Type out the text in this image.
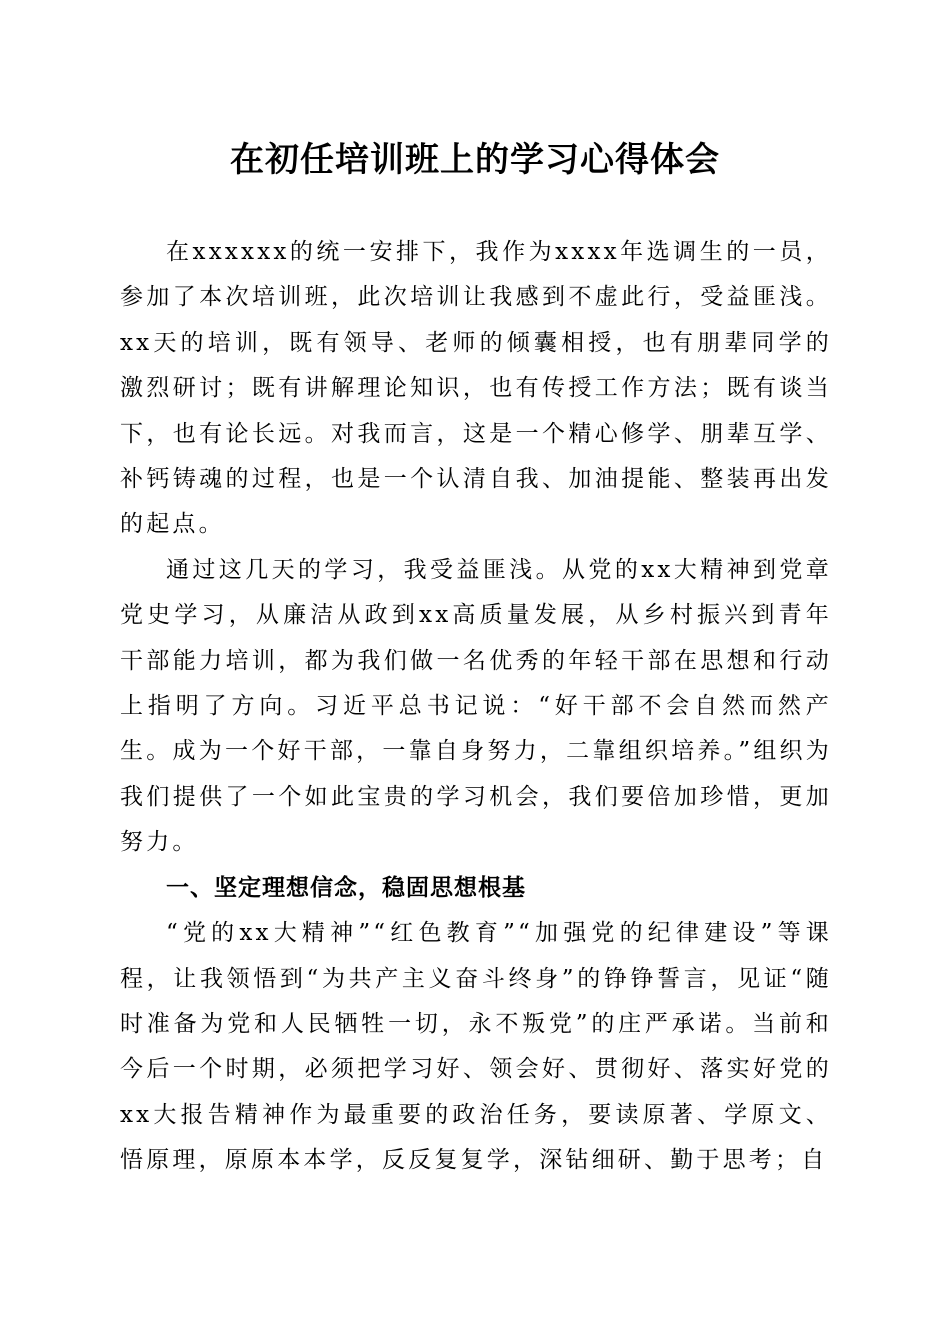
在初任培训班上的学习心得体会

在xxxxxx的统一安排下，我作为xxxx年选调生的一员，参加了本次培训班，此次培训让我感到不虚此行，受益匪浅。xx天的培训，既有领导、老师的倾囊相授，也有朋辈同学的激烈研讨；既有讲解理论知识，也有传授工作方法；既有谈当下，也有论长远。对我而言，这是一个精心修学、朋辈互学、补钙铸魂的过程，也是一个认清自我、加油提能、整装再出发的起点。

通过这几天的学习，我受益匪浅。从党的xx大精神到党章党史学习，从廉洁从政到xx高质量发展，从乡村振兴到青年干部能力培训，都为我们做一名优秀的年轻干部在思想和行动上指明了方向。习近平总书记说：“好干部不会自然而然产生。成为一个好干部，一靠自身努力，二靠组织培养。”组织为我们提供了一个如此宝贵的学习机会，我们要倍加珍惜，更加努力。

一、坚定理想信念，稳固思想根基

“党的xx大精神”“红色教育”“加强党的纪律建设”等课程，让我领悟到“为共产主义奋斗终身”的铮铮誓言，见证“随时准备为党和人民牺牲一切，永不叛党”的庄严承诺。当前和今后一个时期，必须把学习好、领会好、贯彻好、落实好党的xx大报告精神作为最重要的政治任务，要读原著、学原文、悟原理，原原本本学，反反复复学，深钻细研、勤于思考；自
